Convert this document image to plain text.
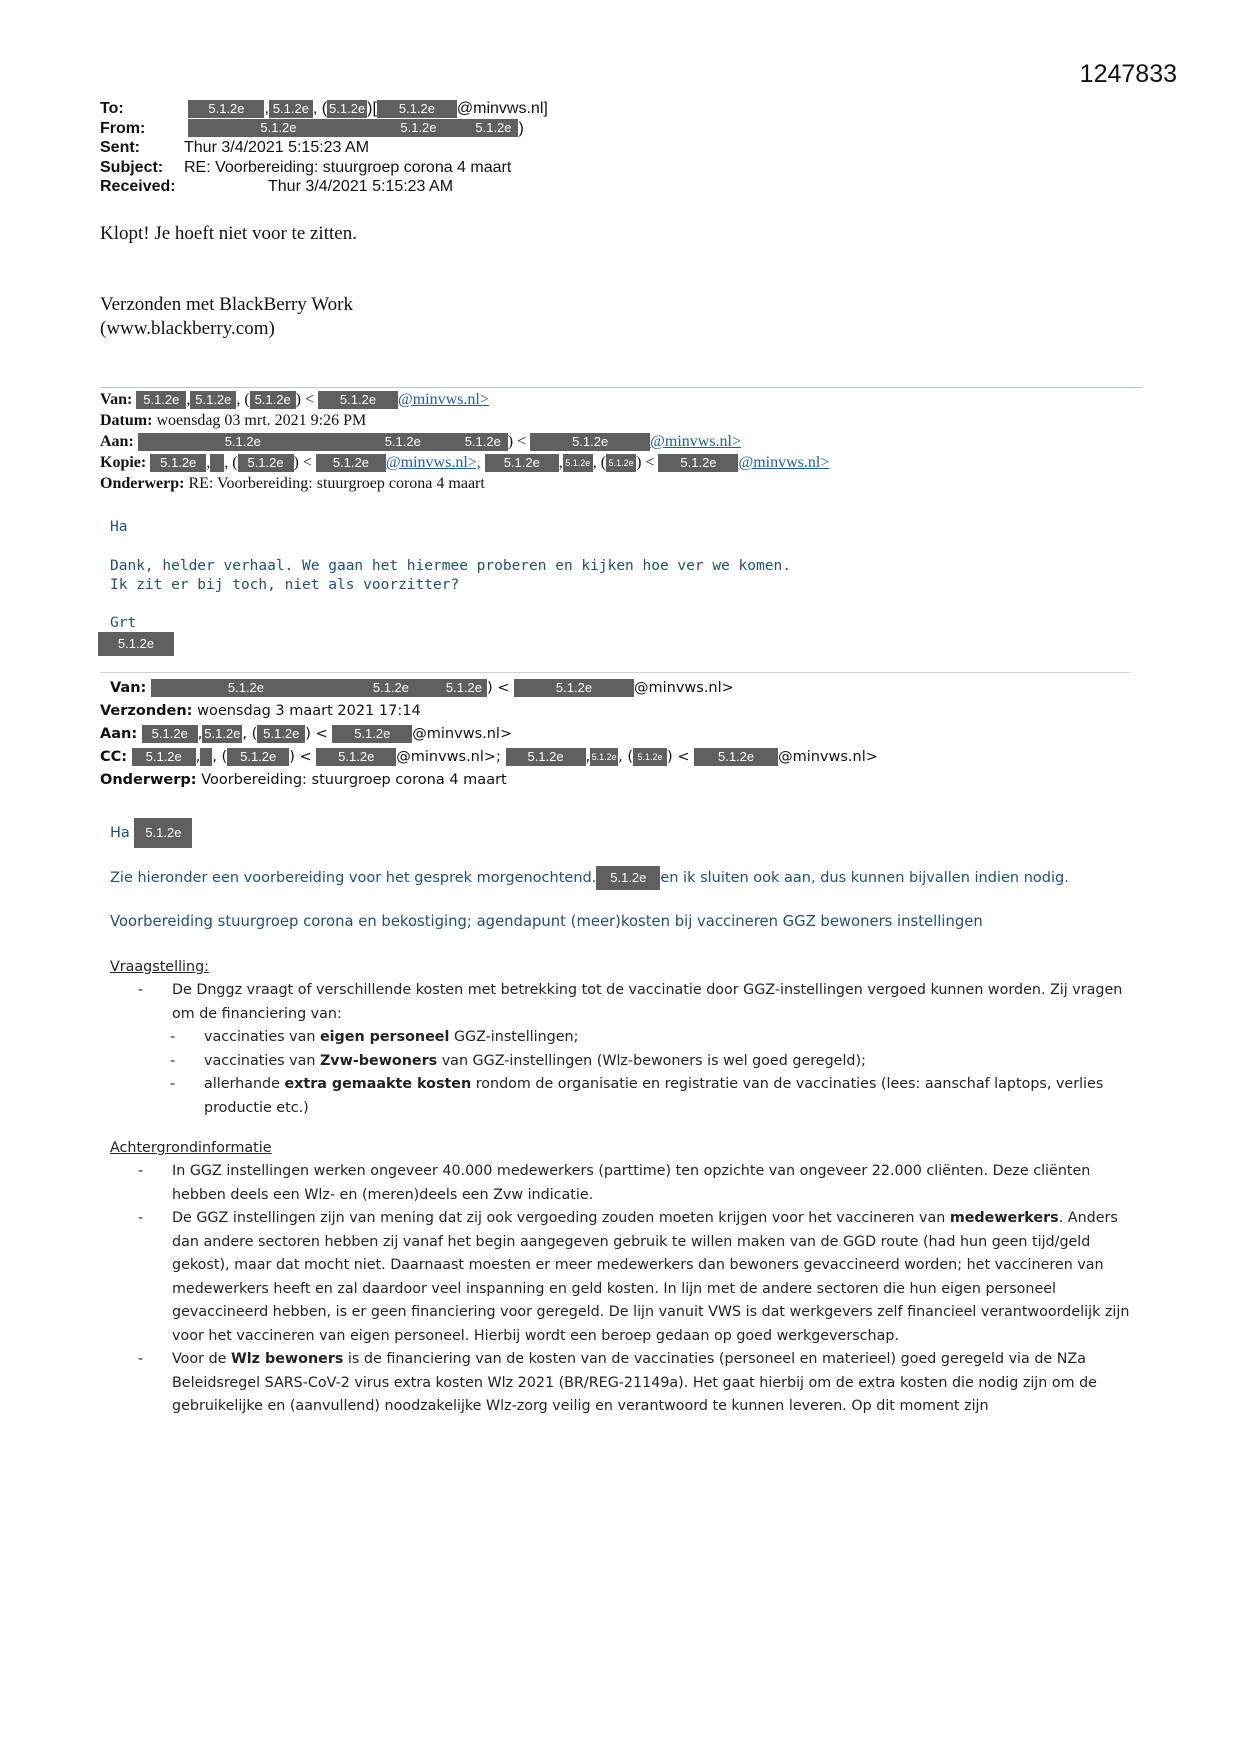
1247833
To:	5.1.2e , 5.1.2e , ( 5.1.2e )[ 5.1.2e @minvws.nl]
From:	5.1.2e	5.1.2e	5.1.2e )
Sent:	Thur 3/4/2021 5:15:23 AM
Subject: RE: Voorbereiding: stuurgroep corona 4 maart
Received:	Thur 3/4/2021 5:15:23 AM
Klopt! Je hoeft niet voor te zitten.
Verzonden met BlackBerry Work
(www.blackberry.com)
Van: 5.1.2e , 5.1.2e , ( 5.1.2e ) < 5.1.2e @minvws.nl>
Datum: woensdag 03 mrt. 2021 9:26 PM
Aan:	5.1.2e	5.1.2e	5.1.2e ) <	5.1.2e	@minvws.nl>
Kopie: 5.1.2e , , ( 5.1.2e ) < 5.1.2e @minvws.nl>, 5.1.2e , 5.1.2e , ( 5.1.2e ) < 5.1.2e @minvws.nl>
Onderwerp: RE: Voorbereiding: stuurgroep corona 4 maart
Ha
Dank, helder verhaal. We gaan het hiermee proberen en kijken hoe ver we komen.
Ik zit er bij toch, niet als voorzitter?
Grt
5.1.2e
Van:	5.1.2e	5.1.2e	5.1.2e ) <	5.1.2e	@minvws.nl>
Verzonden: woensdag 3 maart 2021 17:14
Aan: 5.1.2e , 5.1.2e , ( 5.1.2e ) < 5.1.2e @minvws.nl>
CC: 5.1.2e , , ( 5.1.2e ) < 5.1.2e @minvws.nl>; 5.1.2e ,5.1.2e, ( 5.1.2e ) < 5.1.2e @minvws.nl>
Onderwerp: Voorbereiding: stuurgroep corona 4 maart
Ha 5.1.2e
Zie hieronder een voorbereiding voor het gesprek morgenochtend. 5.1.2e en ik sluiten ook aan, dus kunnen bijvallen indien nodig.
Voorbereiding stuurgroep corona en bekostiging; agendapunt (meer)kosten bij vaccineren GGZ bewoners instellingen
Vraagstelling:
- De Dnggz vraagt of verschillende kosten met betrekking tot de vaccinatie door GGZ-instellingen vergoed kunnen worden. Zij vragen om de financiering van:
- vaccinaties van eigen personeel GGZ-instellingen;
- vaccinaties van Zvw-bewoners van GGZ-instellingen (Wlz-bewoners is wel goed geregeld);
- allerhande extra gemaakte kosten rondom de organisatie en registratie van de vaccinaties (lees: aanschaf laptops, verlies productie etc.)
Achtergrondinformatie
- In GGZ instellingen werken ongeveer 40.000 medewerkers (parttime) ten opzichte van ongeveer 22.000 cliënten. Deze cliënten hebben deels een Wlz- en (meren)deels een Zvw indicatie.
- De GGZ instellingen zijn van mening dat zij ook vergoeding zouden moeten krijgen voor het vaccineren van medewerkers. Anders dan andere sectoren hebben zij vanaf het begin aangegeven gebruik te willen maken van de GGD route (had hun geen tijd/geld gekost), maar dat mocht niet. Daarnaast moesten er meer medewerkers dan bewoners gevaccineerd worden; het vaccineren van medewerkers heeft en zal daardoor veel inspanning en geld kosten. In lijn met de andere sectoren die hun eigen personeel gevaccineerd hebben, is er geen financiering voor geregeld. De lijn vanuit VWS is dat werkgevers zelf financieel verantwoordelijk zijn voor het vaccineren van eigen personeel. Hierbij wordt een beroep gedaan op goed werkgeverschap.
- Voor de Wlz bewoners is de financiering van de kosten van de vaccinaties (personeel en materieel) goed geregeld via de NZa Beleidsregel SARS-CoV-2 virus extra kosten Wlz 2021 (BR/REG-21149a). Het gaat hierbij om de extra kosten die nodig zijn om de gebruikelijke en (aanvullend) noodzakelijke Wlz-zorg veilig en verantwoord te kunnen leveren. Op dit moment zijn
